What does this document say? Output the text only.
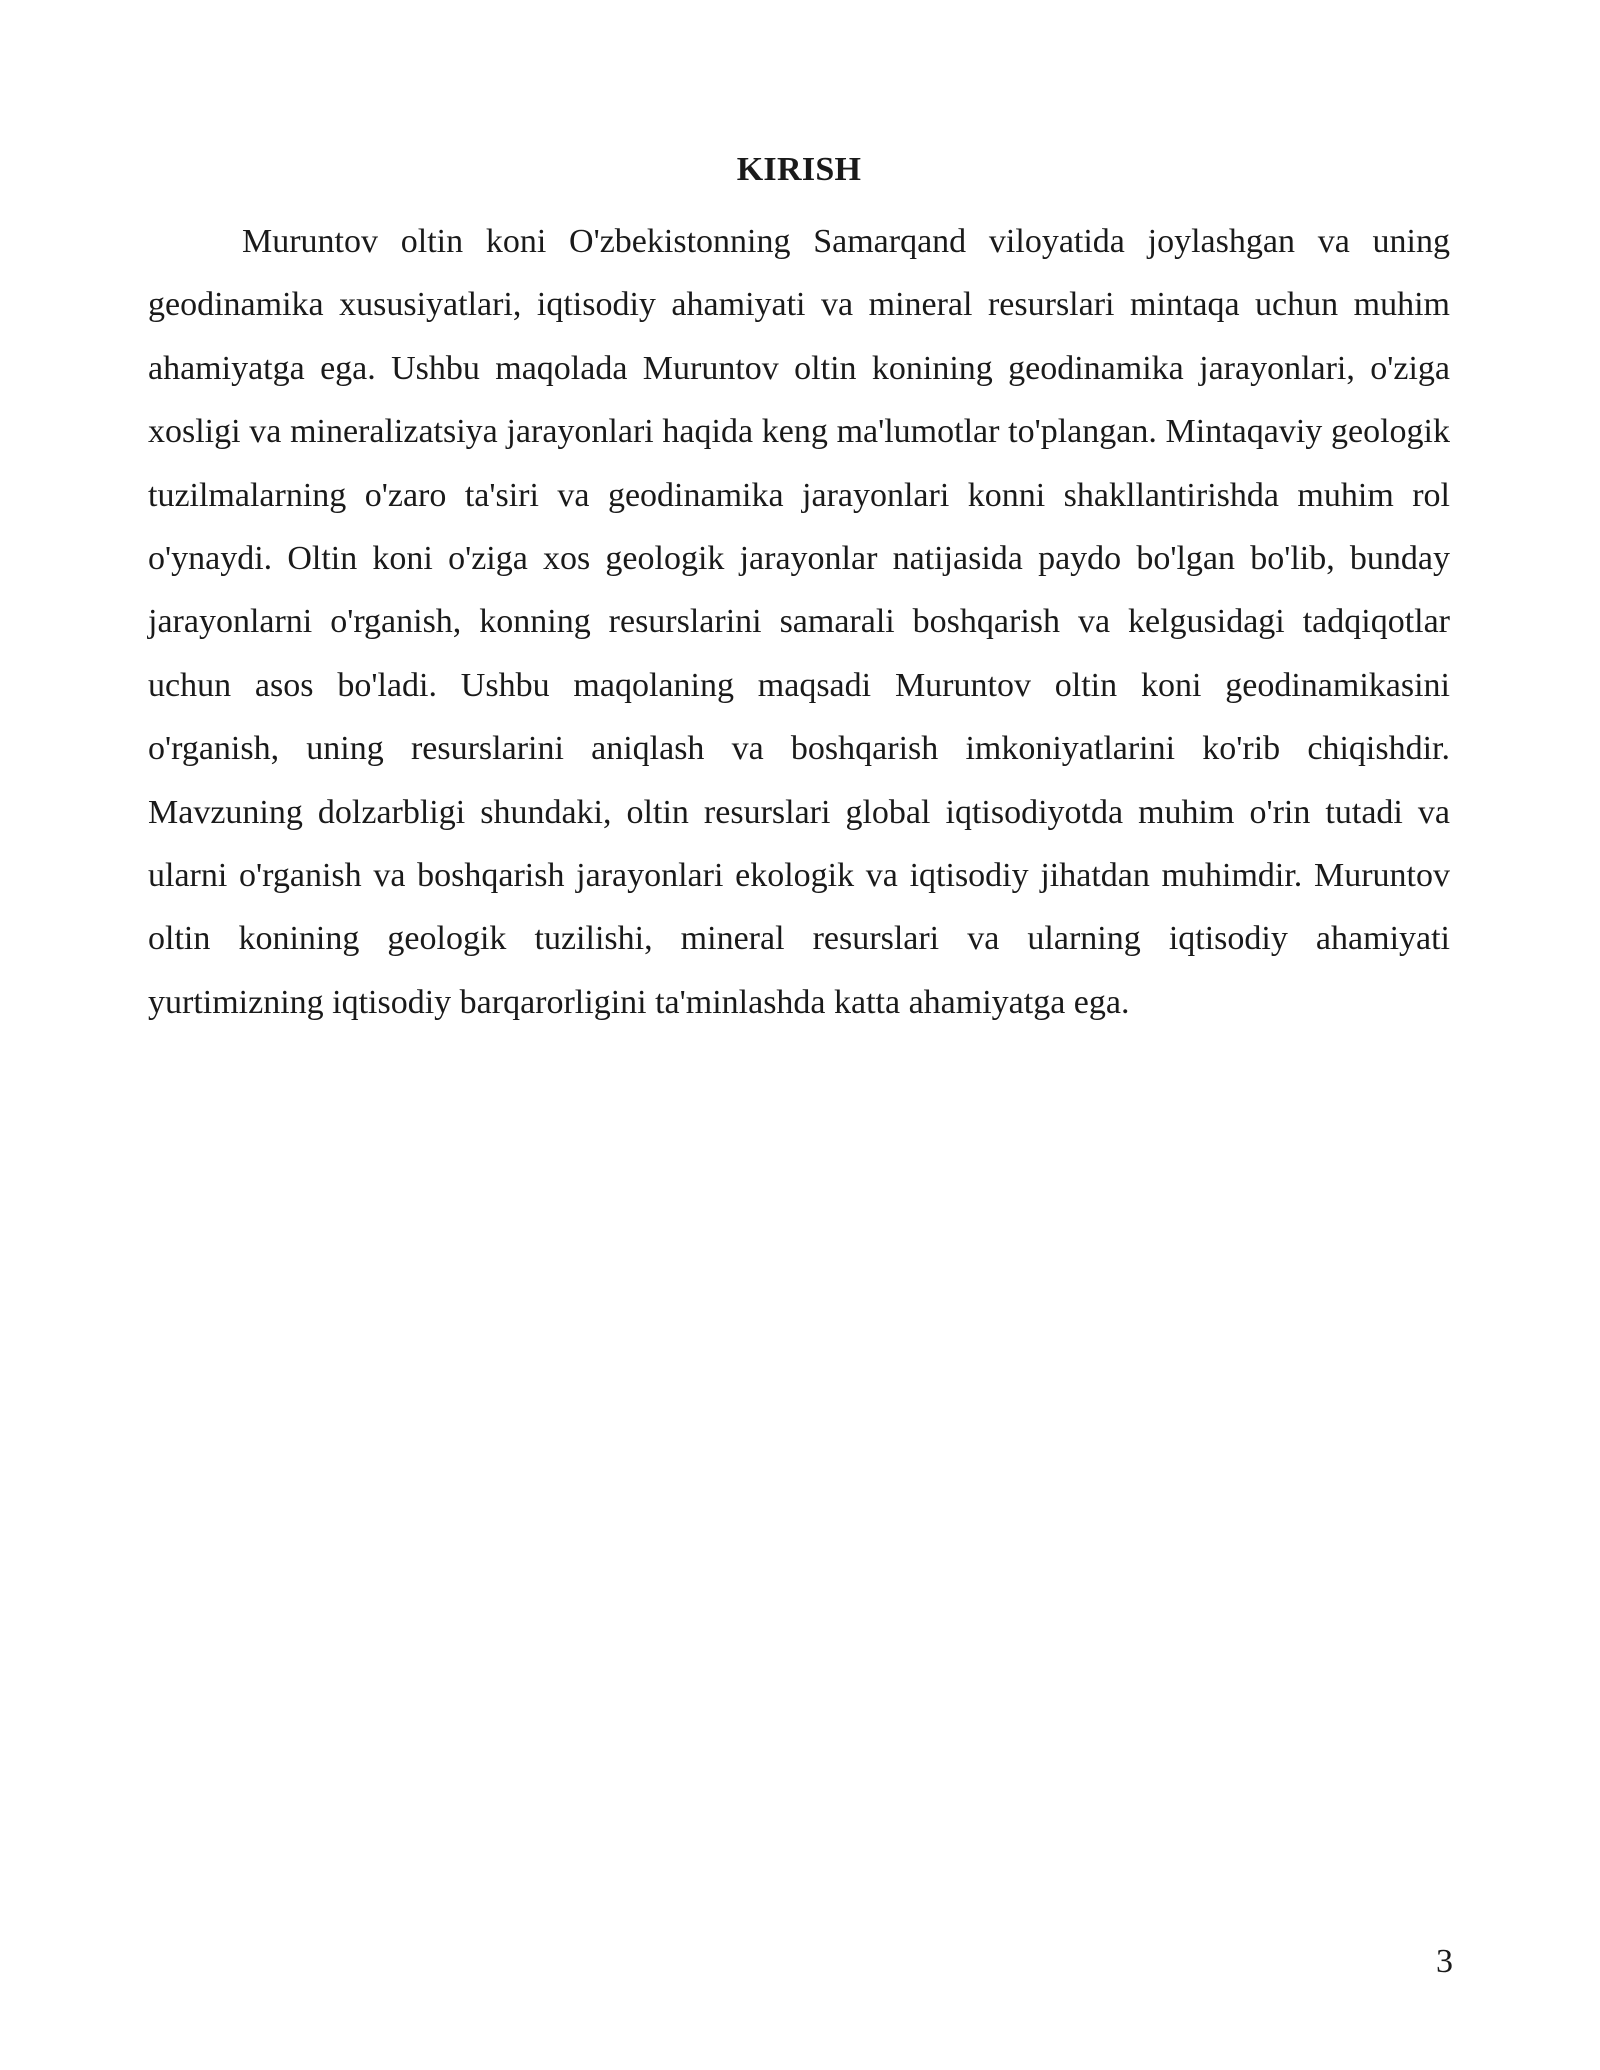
KIRISH

Muruntov oltin koni O'zbekistonning Samarqand viloyatida joylashgan va uning geodinamika xususiyatlari, iqtisodiy ahamiyati va mineral resurslari mintaqa uchun muhim ahamiyatga ega. Ushbu maqolada Muruntov oltin konining geodinamika jarayonlari, o'ziga xosligi va mineralizatsiya jarayonlari haqida keng ma'lumotlar to'plangan. Mintaqaviy geologik tuzilmalarning o'zaro ta'siri va geodinamika jarayonlari konni shakllantirishda muhim rol o'ynaydi. Oltin koni o'ziga xos geologik jarayonlar natijasida paydo bo'lgan bo'lib, bunday jarayonlarni o'rganish, konning resurslarini samarali boshqarish va kelgusidagi tadqiqotlar uchun asos bo'ladi. Ushbu maqolaning maqsadi Muruntov oltin koni geodinamikasini o'rganish, uning resurslarini aniqlash va boshqarish imkoniyatlarini ko'rib chiqishdir. Mavzuning dolzarbligi shundaki, oltin resurslari global iqtisodiyotda muhim o'rin tutadi va ularni o'rganish va boshqarish jarayonlari ekologik va iqtisodiy jihatdan muhimdir. Muruntov oltin konining geologik tuzilishi, mineral resurslari va ularning iqtisodiy ahamiyati yurtimizning iqtisodiy barqarorligini ta'minlashda katta ahamiyatga ega.

3
